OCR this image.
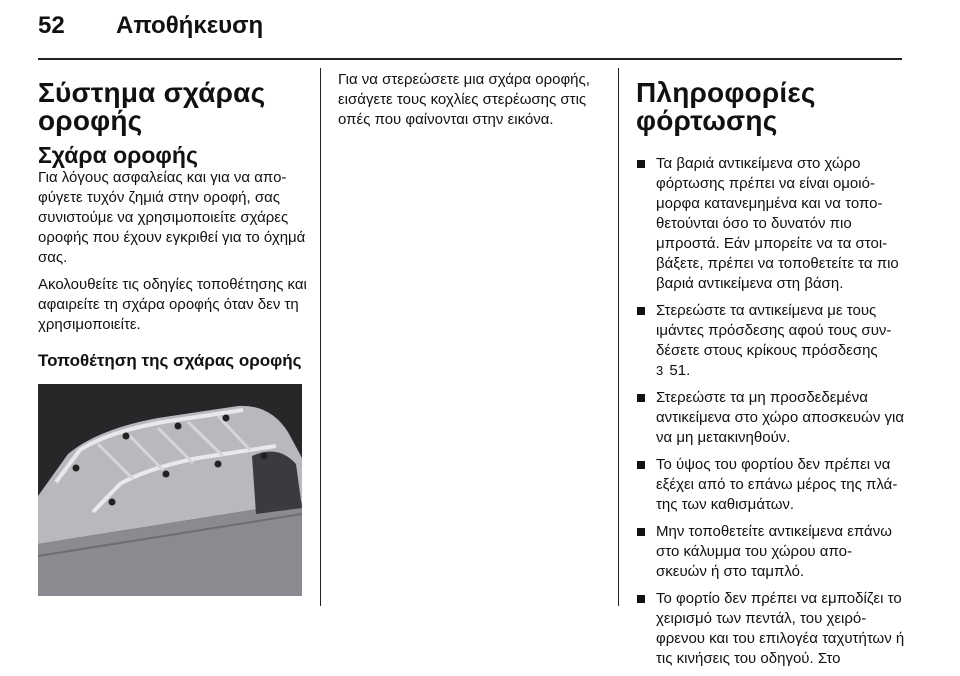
52 Αποθήκευση
Σύστημα σχάρας οροφής
Σχάρα οροφής

Για λόγους ασφαλείας και για να απο‐ φύγετε τυχόν ζημιά στην οροφή, σας συνιστούμε να χρησιμοποιείτε σχάρες οροφής που έχουν εγκριθεί για το όχημά σας.

Ακολουθείτε τις οδηγίες τοποθέτησης και αφαιρείτε τη σχάρα οροφής όταν δεν τη χρησιμοποιείτε.

Τοποθέτηση της σχάρας οροφής

Για να στερεώσετε μια σχάρα οροφής, εισάγετε τους κοχλίες στερέωσης στις οπές που φαίνονται στην εικόνα.

Πληροφορίες φόρτωσης
Τα βαριά αντικείμενα στο χώρο φόρτωσης πρέπει να είναι ομοιό‐ μορφα κατανεμημένα και να τοπο‐ θετούνται όσο το δυνατόν πιο μπροστά. Εάν μπορείτε να τα στοι‐ βάξετε, πρέπει να τοποθετείτε τα πιο βαριά αντικείμενα στη βάση.
Στερεώστε τα αντικείμενα με τους ιμάντες πρόσδεσης αφού τους συν‐ δέσετε στους κρίκους πρόσδεσης
3 51.
Στερεώστε τα μη προσδεδεμένα αντικείμενα στο χώρο αποσκευών για να μη μετακινηθούν.
Το ύψος του φορτίου δεν πρέπει να εξέχει από το επάνω μέρος της πλά‐ της των καθισμάτων.
Μην τοποθετείτε αντικείμενα επάνω στο κάλυμμα του χώρου απο‐ σκευών ή στο ταμπλό.
Το φορτίο δεν πρέπει να εμποδίζει το χειρισμό των πεντάλ, του χειρό‐ φρενου και του επιλογέα ταχυτήτων ή τις κινήσεις του οδηγού. Στο
